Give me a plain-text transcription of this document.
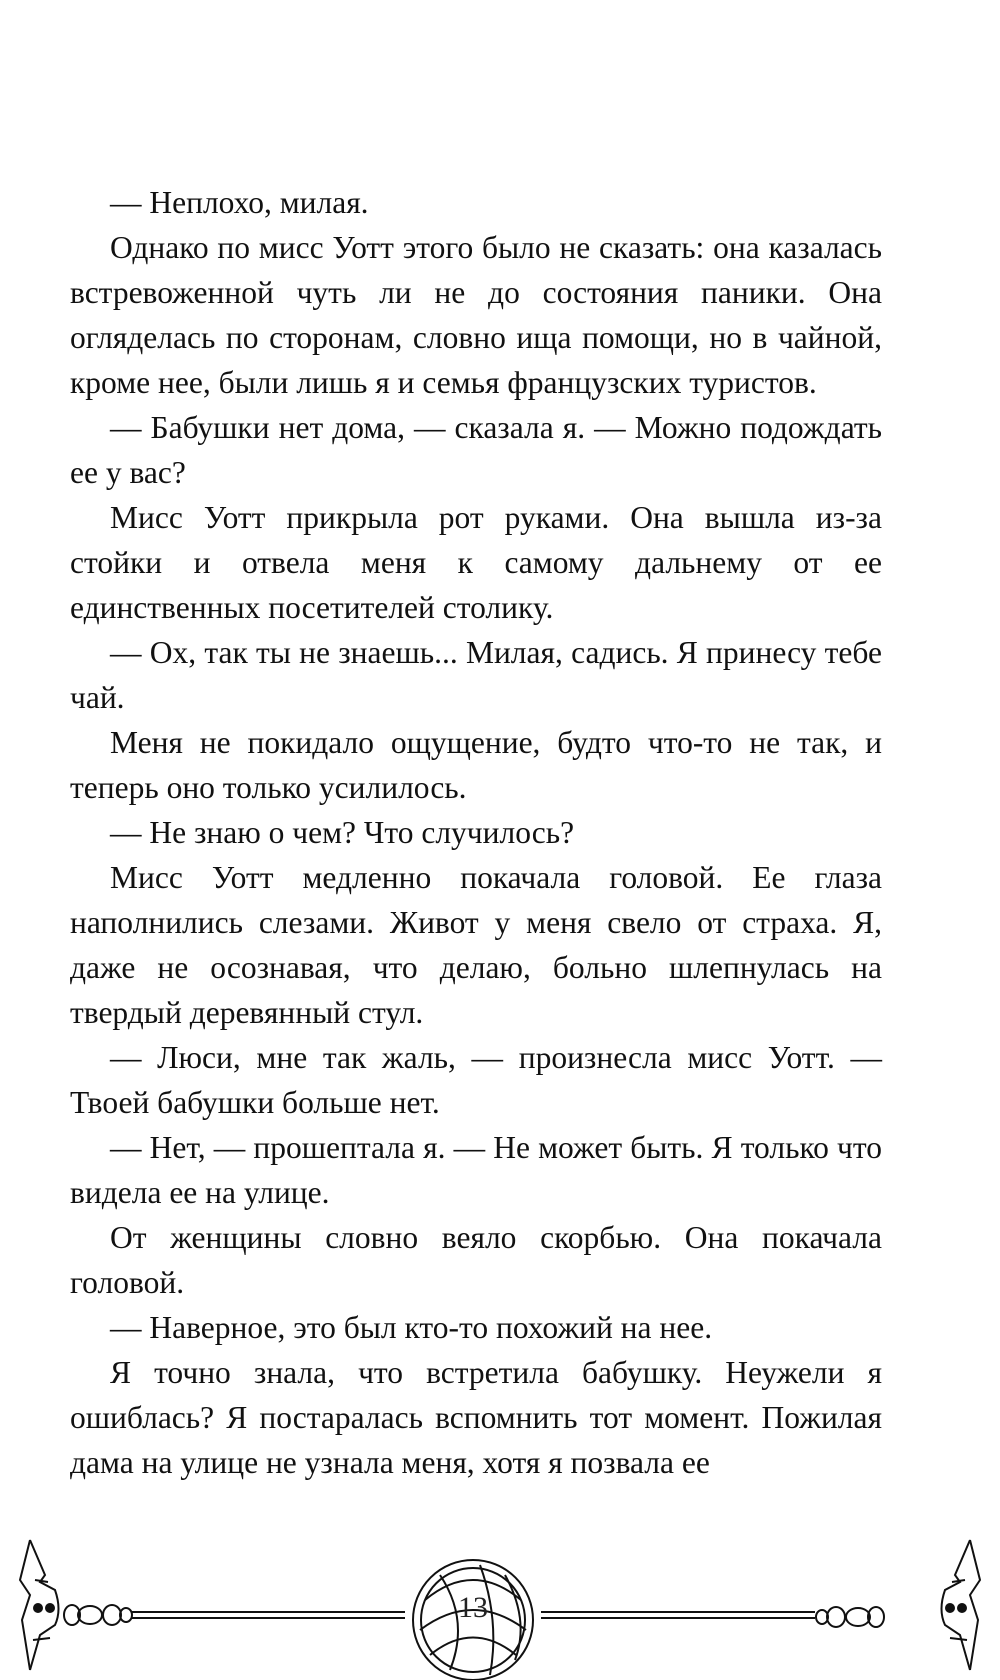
— Неплохо, милая.

Однако по мисс Уотт этого было не сказать: она казалась встревоженной чуть ли не до состояния паники. Она огляделась по сторонам, словно ища помощи, но в чайной, кроме нее, были лишь я и семья французских туристов.

— Бабушки нет дома, — сказала я. — Можно подождать ее у вас?

Мисс Уотт прикрыла рот руками. Она вышла из-за стойки и отвела меня к самому дальнему от ее единственных посетителей столику.

— Ох, так ты не знаешь... Милая, садись. Я принесу тебе чай.

Меня не покидало ощущение, будто что-то не так, и теперь оно только усилилось.

— Не знаю о чем? Что случилось?

Мисс Уотт медленно покачала головой. Ее глаза наполнились слезами. Живот у меня свело от страха. Я, даже не осознавая, что делаю, больно шлепнулась на твердый деревянный стул.

— Люси, мне так жаль, — произнесла мисс Уотт. — Твоей бабушки больше нет.

— Нет, — прошептала я. — Не может быть. Я только что видела ее на улице.

От женщины словно веяло скорбью. Она покачала головой.

— Наверное, это был кто-то похожий на нее.

Я точно знала, что встретила бабушку. Неужели я ошиблась? Я постаралась вспомнить тот момент. Пожилая дама на улице не узнала меня, хотя я позвала ее

13
